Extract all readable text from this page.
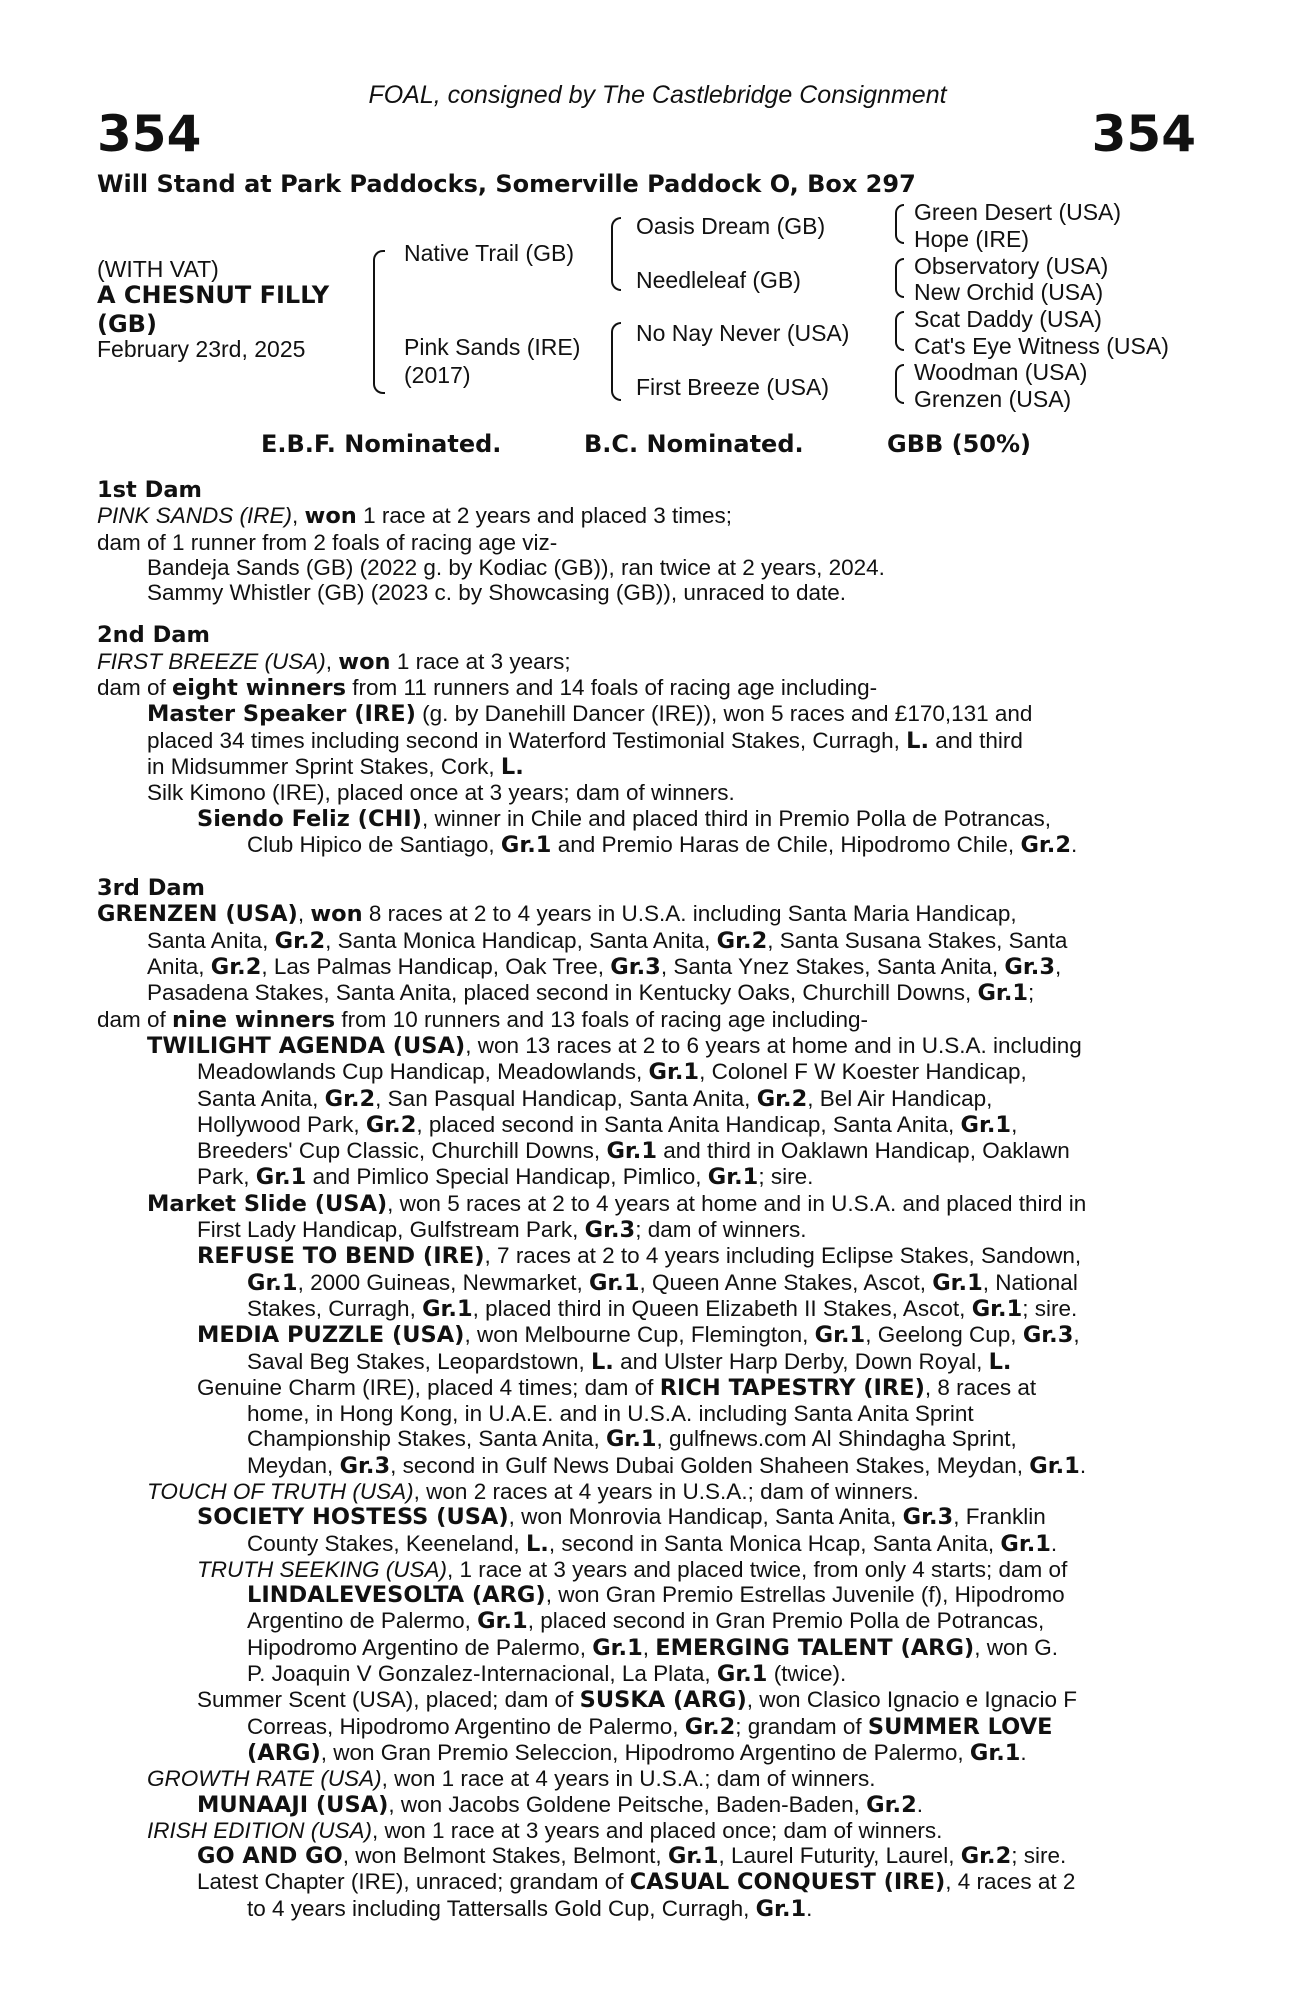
FOAL, consigned by The Castlebridge Consignment
354	354
Will Stand at Park Paddocks, Somerville Paddock O, Box 297
(WITH VAT)
A CHESNUT FILLY
(GB)
February 23rd, 2025
Native Trail (GB)
Pink Sands (IRE)
(2017)
Oasis Dream (GB)
Needleleaf (GB)
No Nay Never (USA)
First Breeze (USA)
Green Desert (USA)
Hope (IRE)
Observatory (USA)
New Orchid (USA)
Scat Daddy (USA)
Cat's Eye Witness (USA)
Woodman (USA)
Grenzen (USA)
E.B.F. Nominated.	B.C. Nominated.	GBB (50%)
1st Dam
PINK SANDS (IRE), won 1 race at 2 years and placed 3 times;
dam of 1 runner from 2 foals of racing age viz-
Bandeja Sands (GB) (2022 g. by Kodiac (GB)), ran twice at 2 years, 2024.
Sammy Whistler (GB) (2023 c. by Showcasing (GB)), unraced to date.
2nd Dam
FIRST BREEZE (USA), won 1 race at 3 years;
dam of eight winners from 11 runners and 14 foals of racing age including-
Master Speaker (IRE) (g. by Danehill Dancer (IRE)), won 5 races and £170,131 and
placed 34 times including second in Waterford Testimonial Stakes, Curragh, L. and third
in Midsummer Sprint Stakes, Cork, L.
Silk Kimono (IRE), placed once at 3 years; dam of winners.
Siendo Feliz (CHI), winner in Chile and placed third in Premio Polla de Potrancas,
Club Hipico de Santiago, Gr.1 and Premio Haras de Chile, Hipodromo Chile, Gr.2.
3rd Dam
GRENZEN (USA), won 8 races at 2 to 4 years in U.S.A. including Santa Maria Handicap,
Santa Anita, Gr.2, Santa Monica Handicap, Santa Anita, Gr.2, Santa Susana Stakes, Santa
Anita, Gr.2, Las Palmas Handicap, Oak Tree, Gr.3, Santa Ynez Stakes, Santa Anita, Gr.3,
Pasadena Stakes, Santa Anita, placed second in Kentucky Oaks, Churchill Downs, Gr.1;
dam of nine winners from 10 runners and 13 foals of racing age including-
TWILIGHT AGENDA (USA), won 13 races at 2 to 6 years at home and in U.S.A. including
Meadowlands Cup Handicap, Meadowlands, Gr.1, Colonel F W Koester Handicap,
Santa Anita, Gr.2, San Pasqual Handicap, Santa Anita, Gr.2, Bel Air Handicap,
Hollywood Park, Gr.2, placed second in Santa Anita Handicap, Santa Anita, Gr.1,
Breeders' Cup Classic, Churchill Downs, Gr.1 and third in Oaklawn Handicap, Oaklawn
Park, Gr.1 and Pimlico Special Handicap, Pimlico, Gr.1; sire.
Market Slide (USA), won 5 races at 2 to 4 years at home and in U.S.A. and placed third in
First Lady Handicap, Gulfstream Park, Gr.3; dam of winners.
REFUSE TO BEND (IRE), 7 races at 2 to 4 years including Eclipse Stakes, Sandown,
Gr.1, 2000 Guineas, Newmarket, Gr.1, Queen Anne Stakes, Ascot, Gr.1, National
Stakes, Curragh, Gr.1, placed third in Queen Elizabeth II Stakes, Ascot, Gr.1; sire.
MEDIA PUZZLE (USA), won Melbourne Cup, Flemington, Gr.1, Geelong Cup, Gr.3,
Saval Beg Stakes, Leopardstown, L. and Ulster Harp Derby, Down Royal, L.
Genuine Charm (IRE), placed 4 times; dam of RICH TAPESTRY (IRE), 8 races at
home, in Hong Kong, in U.A.E. and in U.S.A. including Santa Anita Sprint
Championship Stakes, Santa Anita, Gr.1, gulfnews.com Al Shindagha Sprint,
Meydan, Gr.3, second in Gulf News Dubai Golden Shaheen Stakes, Meydan, Gr.1.
TOUCH OF TRUTH (USA), won 2 races at 4 years in U.S.A.; dam of winners.
SOCIETY HOSTESS (USA), won Monrovia Handicap, Santa Anita, Gr.3, Franklin
County Stakes, Keeneland, L., second in Santa Monica Hcap, Santa Anita, Gr.1.
TRUTH SEEKING (USA), 1 race at 3 years and placed twice, from only 4 starts; dam of
LINDALEVESOLTA (ARG), won Gran Premio Estrellas Juvenile (f), Hipodromo
Argentino de Palermo, Gr.1, placed second in Gran Premio Polla de Potrancas,
Hipodromo Argentino de Palermo, Gr.1, EMERGING TALENT (ARG), won G.
P. Joaquin V Gonzalez-Internacional, La Plata, Gr.1 (twice).
Summer Scent (USA), placed; dam of SUSKA (ARG), won Clasico Ignacio e Ignacio F
Correas, Hipodromo Argentino de Palermo, Gr.2; grandam of SUMMER LOVE
(ARG), won Gran Premio Seleccion, Hipodromo Argentino de Palermo, Gr.1.
GROWTH RATE (USA), won 1 race at 4 years in U.S.A.; dam of winners.
MUNAAJI (USA), won Jacobs Goldene Peitsche, Baden-Baden, Gr.2.
IRISH EDITION (USA), won 1 race at 3 years and placed once; dam of winners.
GO AND GO, won Belmont Stakes, Belmont, Gr.1, Laurel Futurity, Laurel, Gr.2; sire.
Latest Chapter (IRE), unraced; grandam of CASUAL CONQUEST (IRE), 4 races at 2
to 4 years including Tattersalls Gold Cup, Curragh, Gr.1.
